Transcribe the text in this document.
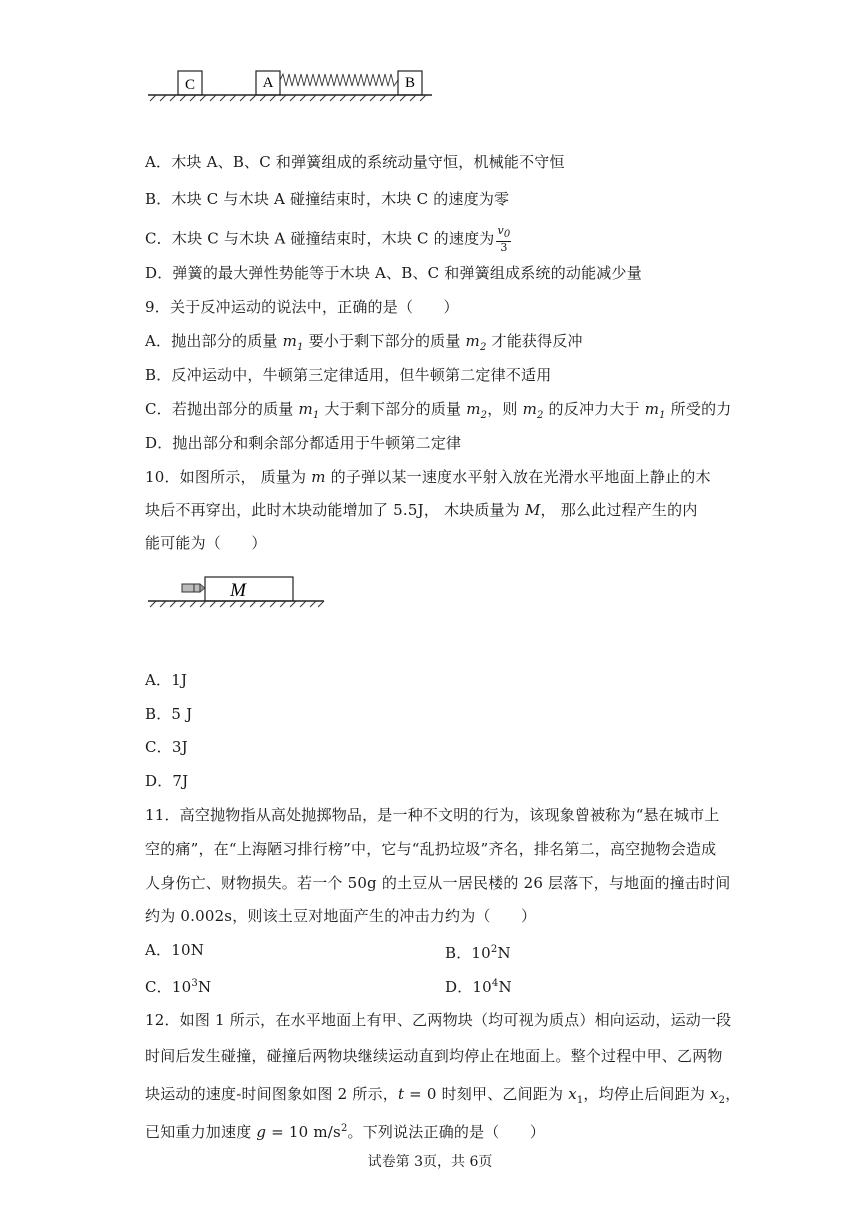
C	A	B
A．木块 A、B、C 和弹簧组成的系统动量守恒，机械能不守恒
B．木块 C 与木块 A 碰撞结束时，木块 C 的速度为零
C．木块 C 与木块 A 碰撞结束时，木块 C 的速度为 $\frac{v_0}{3}$
D．弹簧的最大弹性势能等于木块 A、B、C 和弹簧组成系统的动能减少量
9．关于反冲运动的说法中，正确的是（　　）
A．抛出部分的质量 $m_1$ 要小于剩下部分的质量 $m_2$ 才能获得反冲
B．反冲运动中，牛顿第三定律适用，但牛顿第二定律不适用
C．若抛出部分的质量 $m_1$ 大于剩下部分的质量 $m_2$，则 $m_2$ 的反冲力大于 $m_1$ 所受的力
D．抛出部分和剩余部分都适用于牛顿第二定律
10．如图所示， 质量为 m 的子弹以某一速度水平射入放在光滑水平地面上静止的木
块后不再穿出，此时木块动能增加了 5.5J， 木块质量为 M， 那么此过程产生的内
能可能为（　　）
M
A．1J
B．5 J
C．3J
D．7J
11．高空抛物指从高处抛掷物品，是一种不文明的行为，该现象曾被称为“悬在城市上
空的痛”，在“上海陋习排行榜”中，它与“乱扔垃圾”齐名，排名第二，高空抛物会造成
人身伤亡、财物损失。若一个 50g 的土豆从一居民楼的 26 层落下，与地面的撞击时间
约为 0.002s，则该土豆对地面产生的冲击力约为（　　）
A．10N	B．$10^2N$
C．$10^3N$	D．$10^4N$
12．如图 1 所示，在水平地面上有甲、乙两物块（均可视为质点）相向运动，运动一段
时间后发生碰撞，碰撞后两物块继续运动直到均停止在地面上。整个过程中甲、乙两物
块运动的速度-时间图象如图 2 所示，t = 0 时刻甲、乙间距为 $x_1$，均停止后间距为 $x_2$，
已知重力加速度 g = 10 $m/s^2$。下列说法正确的是（　　）
试卷第 3页，共 6页
